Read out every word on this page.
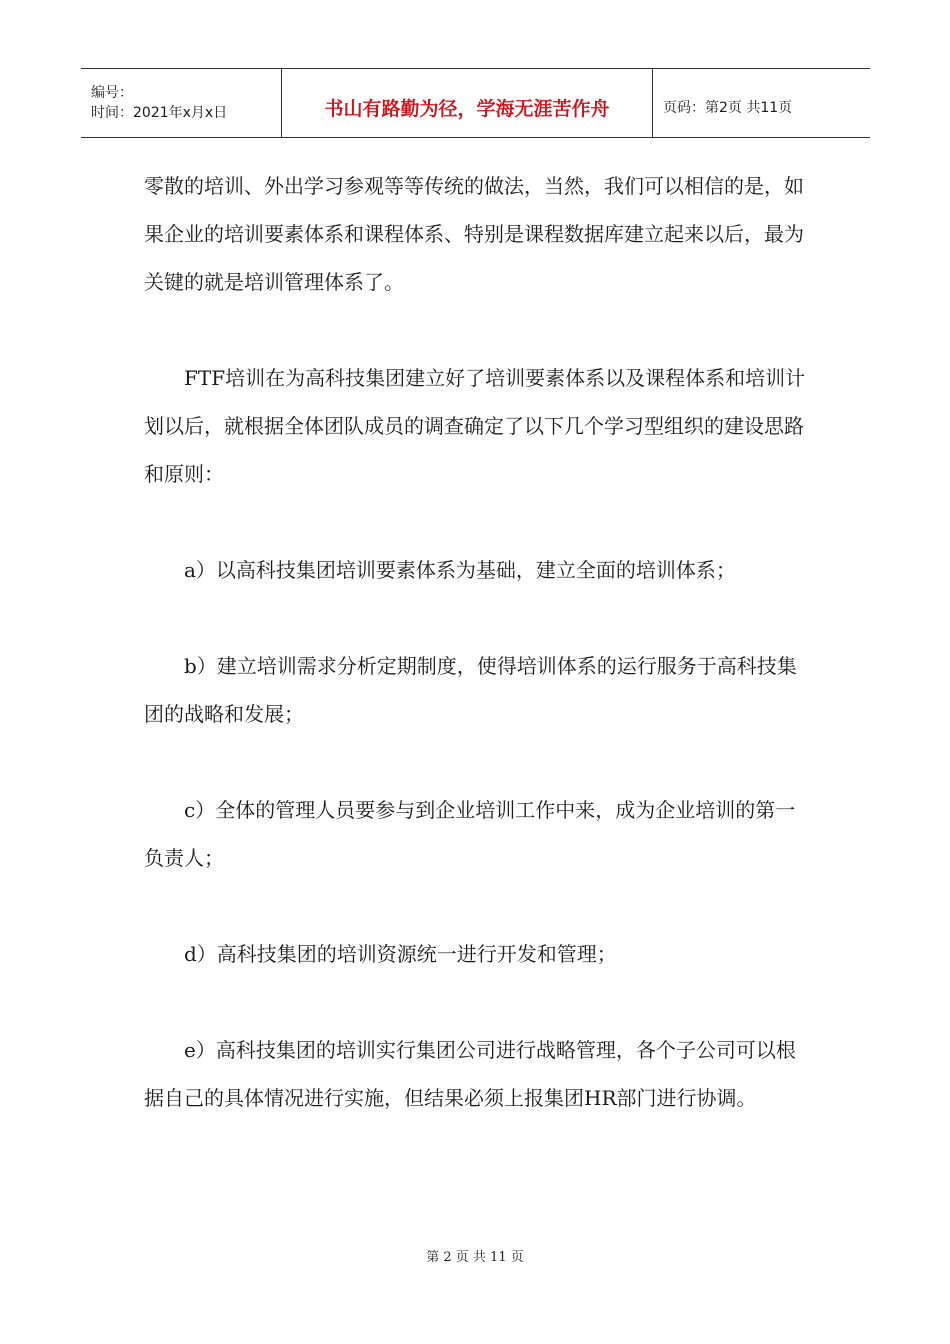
编号：
时间：2021年x月x日	书山有路勤为径，学海无涯苦作舟	页码：第2页 共11页

零散的培训、外出学习参观等等传统的做法，当然，我们可以相信的是，如果企业的培训要素体系和课程体系、特别是课程数据库建立起来以后，最为关键的就是培训管理体系了。

FTF培训在为高科技集团建立好了培训要素体系以及课程体系和培训计划以后，就根据全体团队成员的调查确定了以下几个学习型组织的建设思路和原则：

a）以高科技集团培训要素体系为基础，建立全面的培训体系；

b）建立培训需求分析定期制度，使得培训体系的运行服务于高科技集团的战略和发展；

c）全体的管理人员要参与到企业培训工作中来，成为企业培训的第一负责人；

d）高科技集团的培训资源统一进行开发和管理；

e）高科技集团的培训实行集团公司进行战略管理，各个子公司可以根据自己的具体情况进行实施，但结果必须上报集团HR部门进行协调。

第 2 页 共 11 页
